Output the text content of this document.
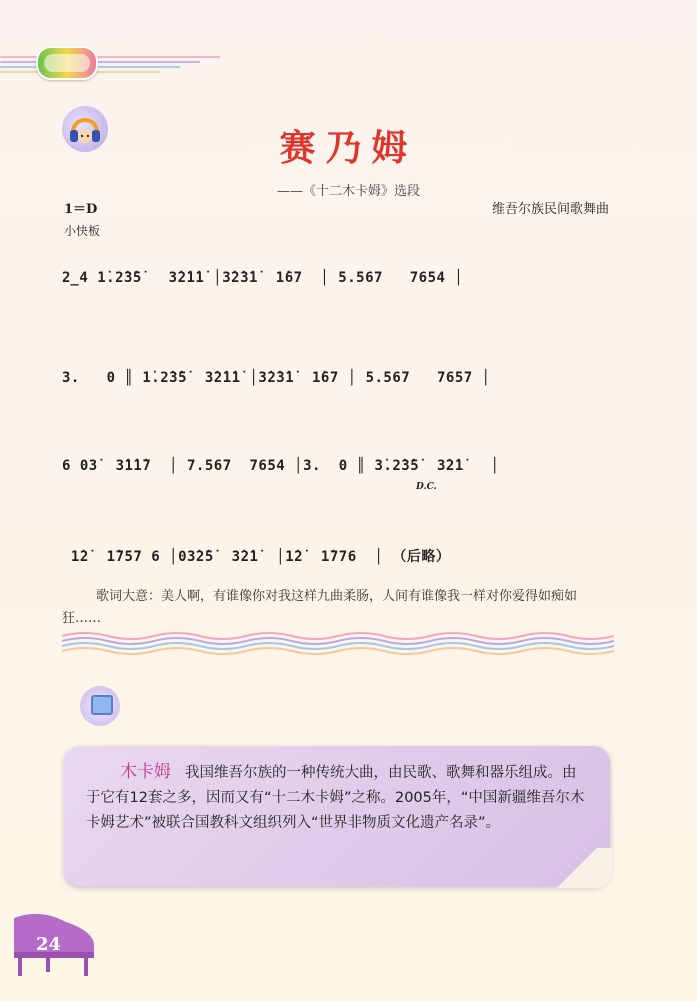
赛乃姆
——《十二木卡姆》选段
1＝D
小快板
维吾尔族民间歌舞曲
2̲4 1̇.2̇3̇5̇   3̇2̇1̇1̇ │3̇2̇3̇1̇  1̇67  │ 5.567   7654 │
3.   0 ║ 1̇.2̇3̇5̇  3̇2̇1̇1̇ │3̇2̇3̇1̇  1̇67 │ 5.567   7657 │
6 03̇  3̇1̇1̇7  │ 7.567  7654 │3.  0 ║ 3̇.2̇3̇5̇  3̇2̇1̇   │
D.C.
1̇2̇  1̇757 6 │03̇2̇5̇  3̇2̇1̇  │1̇2̇  1̇776  │ （后略）
歌词大意：美人啊，有谁像你对我这样九曲柔肠，人间有谁像我一样对你爱得如痴如狂……
木卡姆 我国维吾尔族的一种传统大曲，由民歌、歌舞和器乐组成。由于它有12套之多，因而又有“十二木卡姆”之称。2005年，“中国新疆维吾尔木卡姆艺术”被联合国教科文组织列入“世界非物质文化遗产名录”。
24
